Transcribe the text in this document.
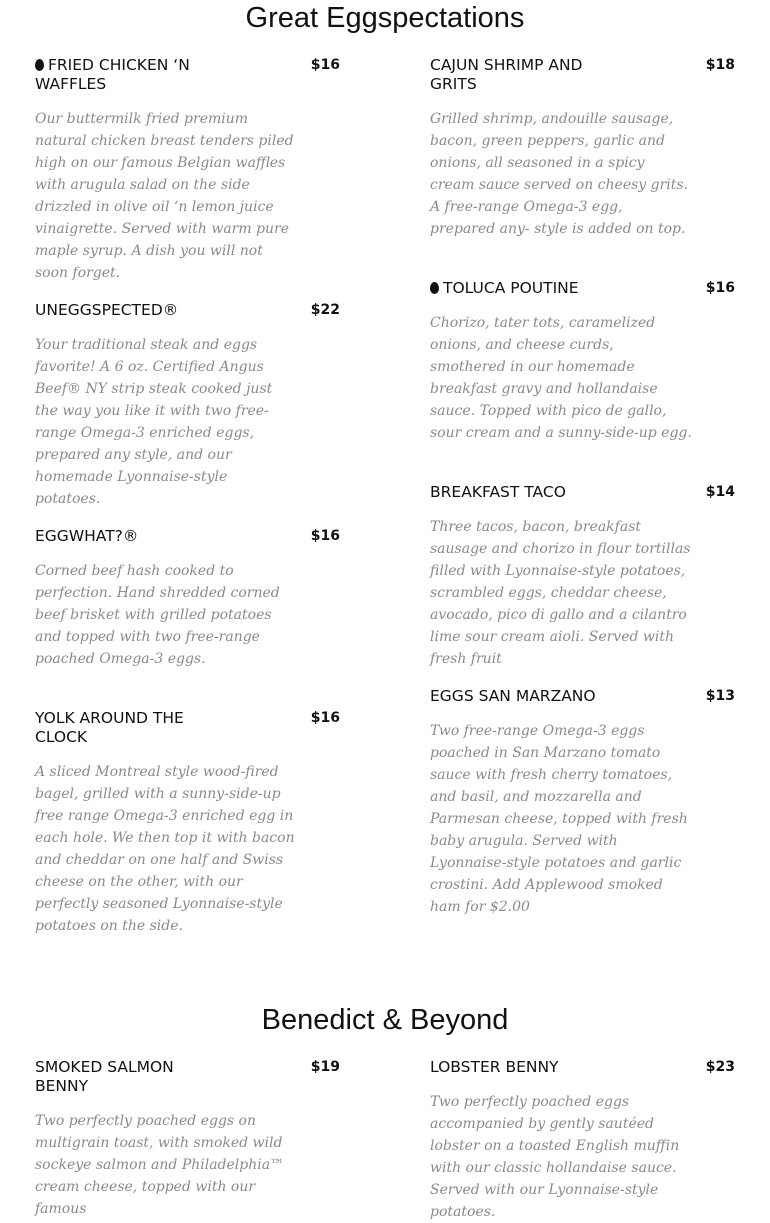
Great Eggspectations
FRIED CHICKEN ‘N WAFFLES
$16
Our buttermilk fried premium natural chicken breast tenders piled high on our famous Belgian waffles with arugula salad on the side drizzled in olive oil ‘n lemon juice vinaigrette. Served with warm pure maple syrup. A dish you will not soon forget.
UNEGGSPECTED®	$22
Your traditional steak and eggs favorite! A 6 oz. Certified Angus Beef® NY strip steak cooked just the way you like it with two free-range Omega-3 enriched eggs, prepared any style, and our homemade Lyonnaise-style potatoes.
EGGWHAT?®	$16
Corned beef hash cooked to perfection. Hand shredded corned beef brisket with grilled potatoes and topped with two free-range poached Omega-3 eggs.
YOLK AROUND THE CLOCK
$16
A sliced Montreal style wood-fired bagel, grilled with a sunny-side-up free range Omega-3 enriched egg in each hole. We then top it with bacon and cheddar on one half and Swiss cheese on the other, with our perfectly seasoned Lyonnaise-style potatoes on the side.
CAJUN SHRIMP AND GRITS
$18
Grilled shrimp, andouille sausage, bacon, green peppers, garlic and onions, all seasoned in a spicy cream sauce served on cheesy grits. A free-range Omega-3 egg, prepared any- style is added on top.
TOLUCA POUTINE	$16
Chorizo, tater tots, caramelized onions, and cheese curds, smothered in our homemade breakfast gravy and hollandaise sauce. Topped with pico de gallo, sour cream and a sunny-side-up egg.
BREAKFAST TACO	$14
Three tacos, bacon, breakfast sausage and chorizo in flour tortillas filled with Lyonnaise-style potatoes, scrambled eggs, cheddar cheese, avocado, pico di gallo and a cilantro lime sour cream aioli. Served with fresh fruit
EGGS SAN MARZANO	$13
Two free-range Omega-3 eggs poached in San Marzano tomato sauce with fresh cherry tomatoes, and basil, and mozzarella and Parmesan cheese, topped with fresh baby arugula. Served with Lyonnaise-style potatoes and garlic crostini. Add Applewood smoked ham for $2.00
Benedict & Beyond
SMOKED SALMON BENNY
$19
Two perfectly poached eggs on multigrain toast, with smoked wild sockeye salmon and Philadelphia™ cream cheese, topped with our famous
LOBSTER BENNY	$23
Two perfectly poached eggs accompanied by gently sautéed lobster on a toasted English muffin with our classic hollandaise sauce. Served with our Lyonnaise-style potatoes.
